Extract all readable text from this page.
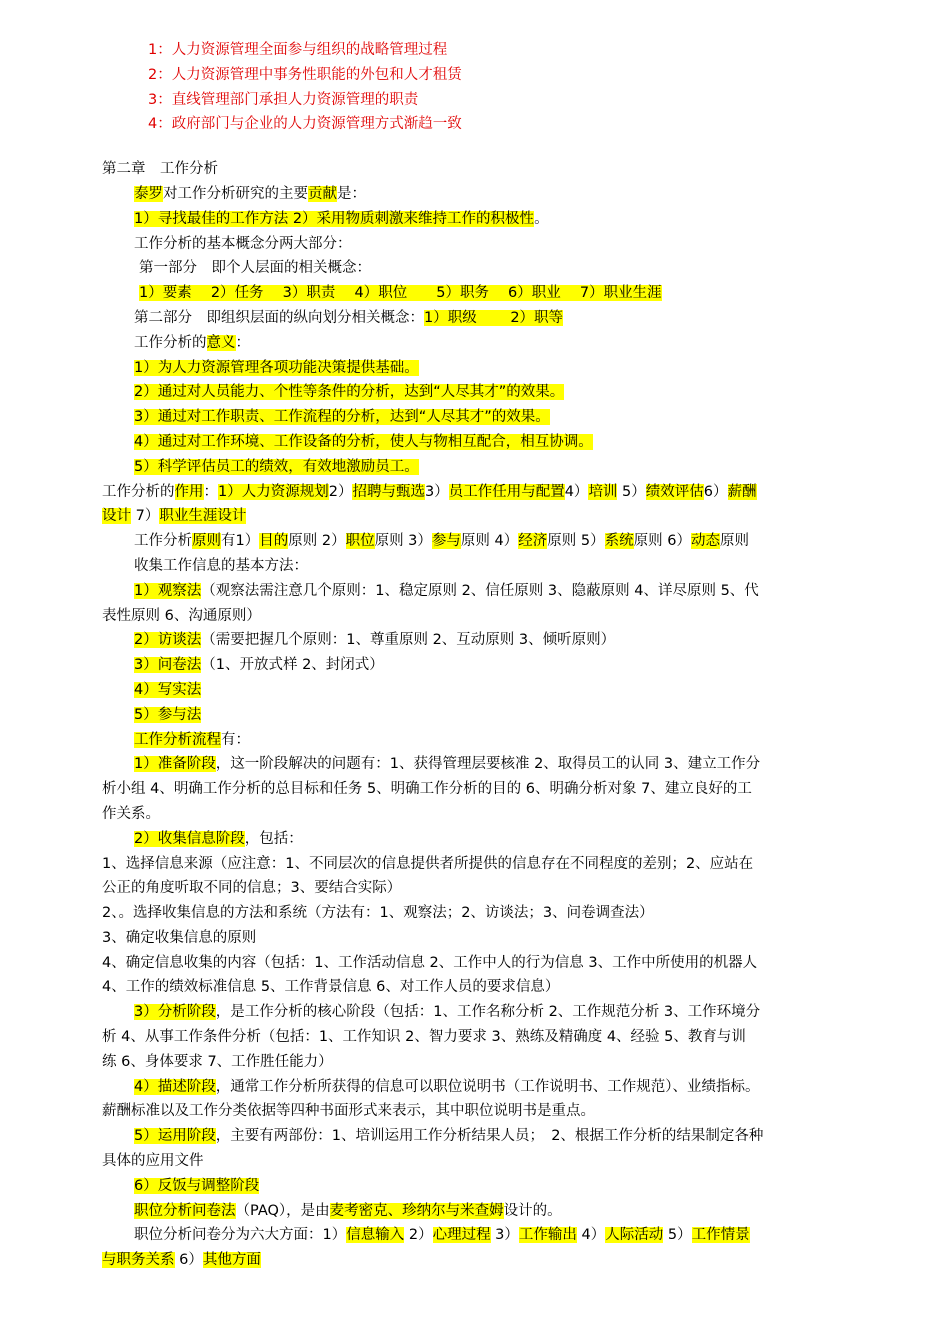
1：人力资源管理全面参与组织的战略管理过程
2：人力资源管理中事务性职能的外包和人才租赁
3：直线管理部门承担人力资源管理的职责
4：政府部门与企业的人力资源管理方式渐趋一致
第二章　工作分析
泰罗对工作分析研究的主要贡献是：
1）寻找最佳的工作方法 2）采用物质刺激来维持工作的积极性。
工作分析的基本概念分两大部分：
第一部分　即个人层面的相关概念：
1）要素　 2）任务　 3）职责　 4）职位　　5）职务　 6）职业　 7）职业生涯
第二部分　即组织层面的纵向划分相关概念：1）职级　　 2）职等
工作分析的意义：
1）为人力资源管理各项功能决策提供基础。
2）通过对人员能力、个性等条件的分析，达到“人尽其才”的效果。
3）通过对工作职责、工作流程的分析，达到“人尽其才”的效果。
4）通过对工作环境、工作设备的分析，使人与物相互配合，相互协调。
5）科学评估员工的绩效，有效地激励员工。
工作分析的作用：1）人力资源规划2）招聘与甄选3）员工作任用与配置4）培训 5）绩效评估6）薪酬
设计 7）职业生涯设计
工作分析原则有1）目的原则 2）职位原则 3）参与原则 4）经济原则 5）系统原则 6）动态原则
收集工作信息的基本方法：
1）观察法（观察法需注意几个原则：1、稳定原则 2、信任原则 3、隐蔽原则 4、详尽原则 5、代
表性原则 6、沟通原则）
2）访谈法（需要把握几个原则：1、尊重原则 2、互动原则 3、倾听原则）
3）问卷法（1、开放式样 2、封闭式）
4）写实法
5）参与法
工作分析流程有：
1）准备阶段，这一阶段解决的问题有：1、获得管理层要核准 2、取得员工的认同 3、建立工作分
析小组 4、明确工作分析的总目标和任务 5、明确工作分析的目的 6、明确分析对象 7、建立良好的工
作关系。
2）收集信息阶段，包括：
1、选择信息来源（应注意：1、不同层次的信息提供者所提供的信息存在不同程度的差别；2、应站在
公正的角度听取不同的信息；3、要结合实际）
2、。选择收集信息的方法和系统（方法有：1、观察法；2、访谈法；3、问卷调查法）
3、确定收集信息的原则
4、确定信息收集的内容（包括：1、工作活动信息 2、工作中人的行为信息 3、工作中所使用的机器人
4、工作的绩效标准信息 5、工作背景信息 6、对工作人员的要求信息）
3）分析阶段，是工作分析的核心阶段（包括：1、工作名称分析 2、工作规范分析 3、工作环境分
析 4、从事工作条件分析（包括：1、工作知识 2、智力要求 3、熟练及精确度 4、经验 5、教育与训
练 6、身体要求 7、工作胜任能力）
4）描述阶段，通常工作分析所获得的信息可以职位说明书（工作说明书、工作规范）、业绩指标。
薪酬标准以及工作分类依据等四种书面形式来表示，其中职位说明书是重点。
5）运用阶段，主要有两部份：1、培训运用工作分析结果人员；　2、根据工作分析的结果制定各种
具体的应用文件
6）反饭与调整阶段
职位分析问卷法（PAQ），是由麦考密克、珍纳尔与米查姆设计的。
职位分析问卷分为六大方面：1）信息输入 2）心理过程 3）工作输出 4）人际活动 5）工作情景
与职务关系 6）其他方面
